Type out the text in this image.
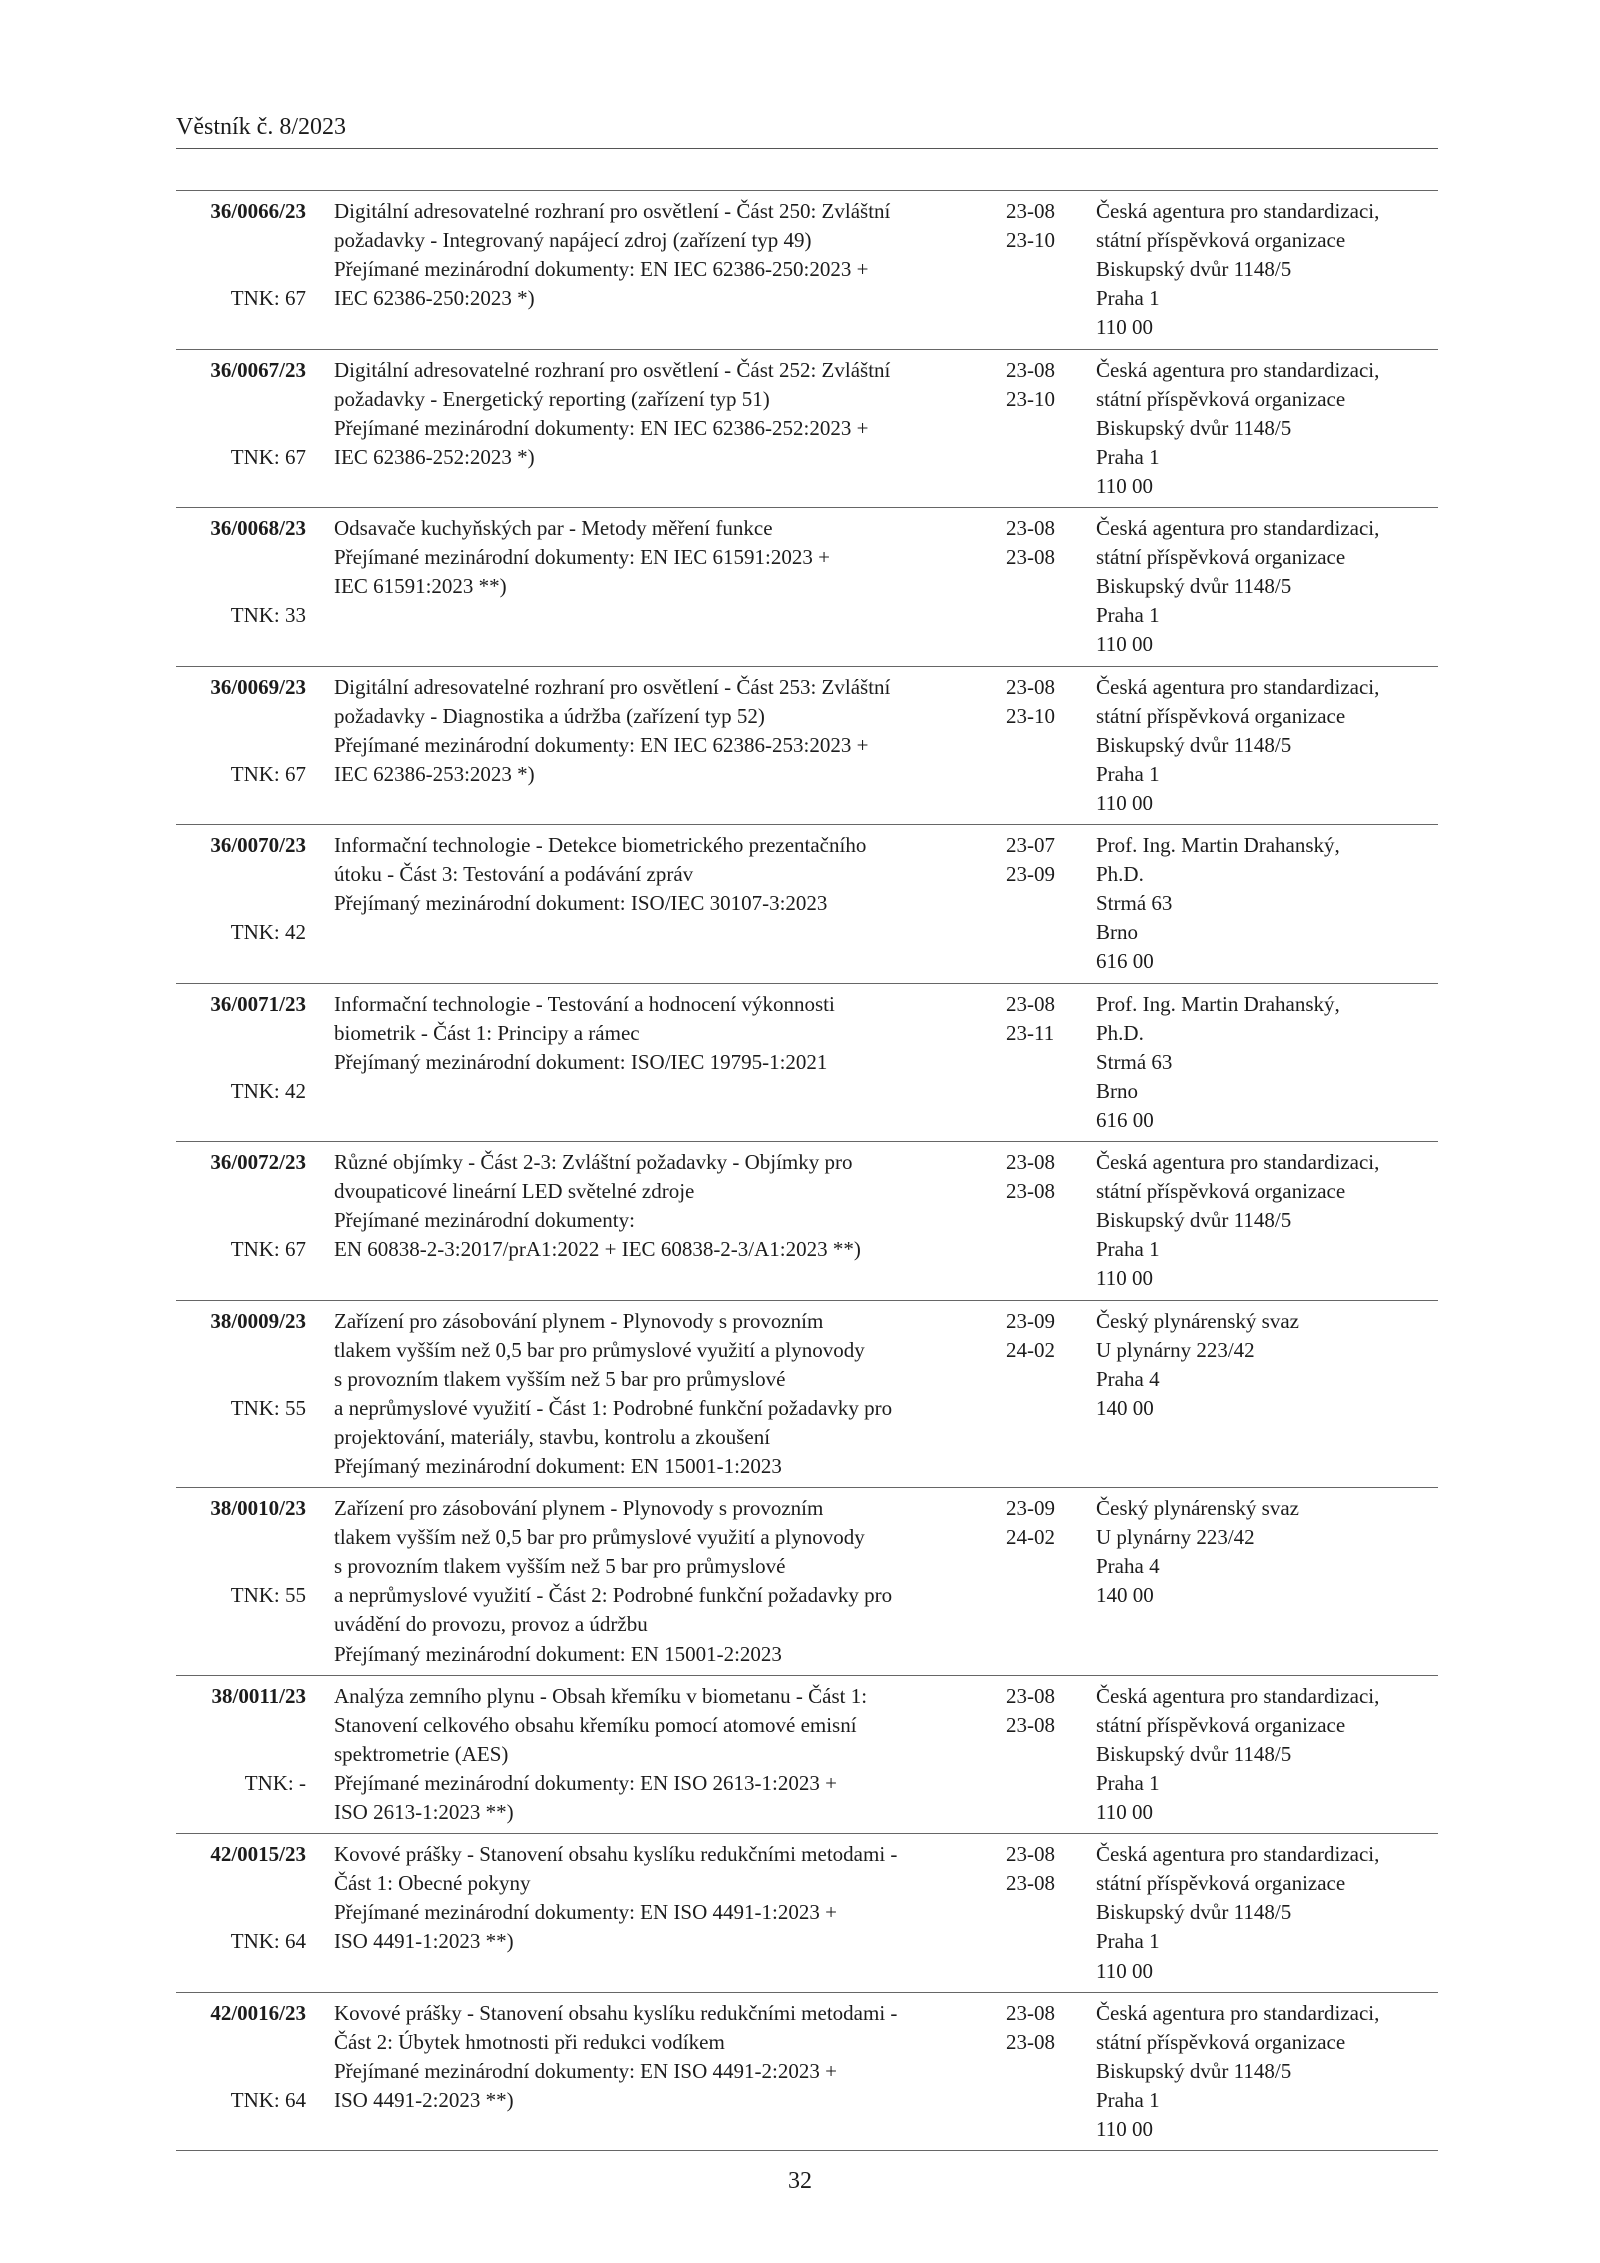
Věstník č. 8/2023
36/0066/23
TNK: 67
Digitální adresovatelné rozhraní pro osvětlení - Část 250: Zvláštní
požadavky - Integrovaný napájecí zdroj (zařízení typ 49)
Přejímané mezinárodní dokumenty: EN IEC 62386-250:2023 +
IEC 62386-250:2023 *)
23-08
23-10
Česká agentura pro standardizaci,
státní příspěvková organizace
Biskupský dvůr 1148/5
Praha 1
110 00
36/0067/23
TNK: 67
Digitální adresovatelné rozhraní pro osvětlení - Část 252: Zvláštní
požadavky - Energetický reporting (zařízení typ 51)
Přejímané mezinárodní dokumenty: EN IEC 62386-252:2023 +
IEC 62386-252:2023 *)
23-08
23-10
Česká agentura pro standardizaci,
státní příspěvková organizace
Biskupský dvůr 1148/5
Praha 1
110 00
36/0068/23
TNK: 33
Odsavače kuchyňských par - Metody měření funkce
Přejímané mezinárodní dokumenty: EN IEC 61591:2023 +
IEC 61591:2023 **)
23-08
23-08
Česká agentura pro standardizaci,
státní příspěvková organizace
Biskupský dvůr 1148/5
Praha 1
110 00
36/0069/23
TNK: 67
Digitální adresovatelné rozhraní pro osvětlení - Část 253: Zvláštní
požadavky - Diagnostika a údržba (zařízení typ 52)
Přejímané mezinárodní dokumenty: EN IEC 62386-253:2023 +
IEC 62386-253:2023 *)
23-08
23-10
Česká agentura pro standardizaci,
státní příspěvková organizace
Biskupský dvůr 1148/5
Praha 1
110 00
36/0070/23
TNK: 42
Informační technologie - Detekce biometrického prezentačního
útoku - Část 3: Testování a podávání zpráv
Přejímaný mezinárodní dokument: ISO/IEC 30107-3:2023
23-07
23-09
Prof. Ing. Martin Drahanský,
Ph.D.
Strmá 63
Brno
616 00
36/0071/23
TNK: 42
Informační technologie - Testování a hodnocení výkonnosti
biometrik - Část 1: Principy a rámec
Přejímaný mezinárodní dokument: ISO/IEC 19795-1:2021
23-08
23-11
Prof. Ing. Martin Drahanský,
Ph.D.
Strmá 63
Brno
616 00
36/0072/23
TNK: 67
Různé objímky - Část 2-3: Zvláštní požadavky - Objímky pro
dvoupaticové lineární LED světelné zdroje
Přejímané mezinárodní dokumenty:
EN 60838-2-3:2017/prA1:2022 + IEC 60838-2-3/A1:2023 **)
23-08
23-08
Česká agentura pro standardizaci,
státní příspěvková organizace
Biskupský dvůr 1148/5
Praha 1
110 00
38/0009/23
TNK: 55
Zařízení pro zásobování plynem - Plynovody s provozním
tlakem vyšším než 0,5 bar pro průmyslové využití a plynovody
s provozním tlakem vyšším než 5 bar pro průmyslové
a neprůmyslové využití - Část 1: Podrobné funkční požadavky pro
projektování, materiály, stavbu, kontrolu a zkoušení
Přejímaný mezinárodní dokument: EN 15001-1:2023
23-09
24-02
Český plynárenský svaz
U plynárny 223/42
Praha 4
140 00
38/0010/23
TNK: 55
Zařízení pro zásobování plynem - Plynovody s provozním
tlakem vyšším než 0,5 bar pro průmyslové využití a plynovody
s provozním tlakem vyšším než 5 bar pro průmyslové
a neprůmyslové využití - Část 2: Podrobné funkční požadavky pro
uvádění do provozu, provoz a údržbu
Přejímaný mezinárodní dokument: EN 15001-2:2023
23-09
24-02
Český plynárenský svaz
U plynárny 223/42
Praha 4
140 00
38/0011/23
TNK: -
Analýza zemního plynu - Obsah křemíku v biometanu - Část 1:
Stanovení celkového obsahu křemíku pomocí atomové emisní
spektrometrie (AES)
Přejímané mezinárodní dokumenty: EN ISO 2613-1:2023 +
ISO 2613-1:2023 **)
23-08
23-08
Česká agentura pro standardizaci,
státní příspěvková organizace
Biskupský dvůr 1148/5
Praha 1
110 00
42/0015/23
TNK: 64
Kovové prášky - Stanovení obsahu kyslíku redukčními metodami -
Část 1: Obecné pokyny
Přejímané mezinárodní dokumenty: EN ISO 4491-1:2023 +
ISO 4491-1:2023 **)
23-08
23-08
Česká agentura pro standardizaci,
státní příspěvková organizace
Biskupský dvůr 1148/5
Praha 1
110 00
42/0016/23
TNK: 64
Kovové prášky - Stanovení obsahu kyslíku redukčními metodami -
Část 2: Úbytek hmotnosti při redukci vodíkem
Přejímané mezinárodní dokumenty: EN ISO 4491-2:2023 +
ISO 4491-2:2023 **)
23-08
23-08
Česká agentura pro standardizaci,
státní příspěvková organizace
Biskupský dvůr 1148/5
Praha 1
110 00
32
